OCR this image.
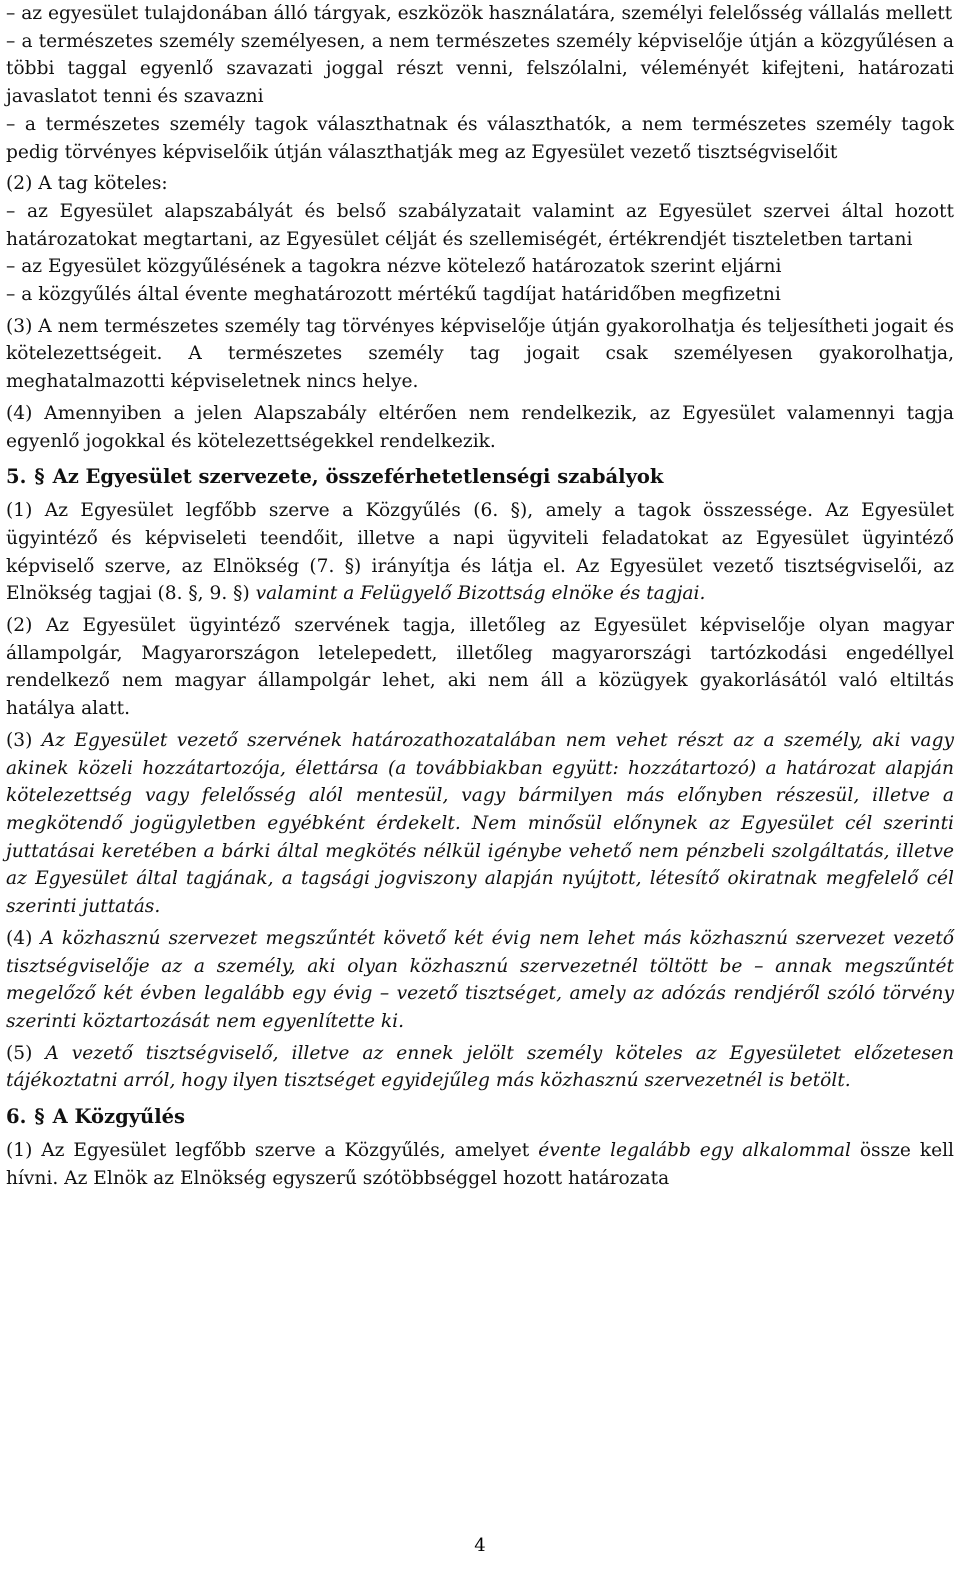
– az egyesület tulajdonában álló tárgyak, eszközök használatára, személyi felelősség vállalás mellett
– a természetes személy személyesen, a nem természetes személy képviselője útján a közgyűlésen a többi taggal egyenlő szavazati joggal részt venni, felszólalni, véleményét kifejteni, határozati javaslatot tenni és szavazni
– a természetes személy tagok választhatnak és választhatók, a nem természetes személy tagok pedig törvényes képviselőik útján választhatják meg az Egyesület vezető tisztségviselőit

(2) A tag köteles:

– az Egyesület alapszabályát és belső szabályzatait valamint az Egyesület szervei által hozott határozatokat megtartani, az Egyesület célját és szellemiségét, értékrendjét tiszteletben tartani
– az Egyesület közgyűlésének a tagokra nézve kötelező határozatok szerint eljárni
– a közgyűlés által évente meghatározott mértékű tagdíjat határidőben megfizetni

(3) A nem természetes személy tag törvényes képviselője útján gyakorolhatja és teljesítheti jogait és kötelezettségeit. A természetes személy tag jogait csak személyesen gyakorolhatja, meghatalmazotti képviseletnek nincs helye.

(4) Amennyiben a jelen Alapszabály eltérően nem rendelkezik, az Egyesület valamennyi tagja egyenlő jogokkal és kötelezettségekkel rendelkezik.

5. § Az Egyesület szervezete, összeférhetetlenségi szabályok

(1) Az Egyesület legfőbb szerve a Közgyűlés (6. §), amely a tagok összessége. Az Egyesület ügyintéző és képviseleti teendőit, illetve a napi ügyviteli feladatokat az Egyesület ügyintéző képviselő szerve, az Elnökség (7. §) irányítja és látja el. Az Egyesület vezető tisztségviselői, az Elnökség tagjai (8. §, 9. §) valamint a Felügyelő Bizottság elnöke és tagjai.

(2) Az Egyesület ügyintéző szervének tagja, illetőleg az Egyesület képviselője olyan magyar állampolgár, Magyarországon letelepedett, illetőleg magyarországi tartózkodási engedéllyel rendelkező nem magyar állampolgár lehet, aki nem áll a közügyek gyakorlásától való eltiltás hatálya alatt.

(3) Az Egyesület vezető szervének határozathozatalában nem vehet részt az a személy, aki vagy akinek közeli hozzátartozója, élettársa (a továbbiakban együtt: hozzátartozó) a határozat alapján kötelezettség vagy felelősség alól mentesül, vagy bármilyen más előnyben részesül, illetve a megkötendő jogügyletben egyébként érdekelt. Nem minősül előnynek az Egyesület cél szerinti juttatásai keretében a bárki által megkötés nélkül igénybe vehető nem pénzbeli szolgáltatás, illetve az Egyesület által tagjának, a tagsági jogviszony alapján nyújtott, létesítő okiratnak megfelelő cél szerinti juttatás.

(4) A közhasznú szervezet megszűntét követő két évig nem lehet más közhasznú szervezet vezető tisztségviselője az a személy, aki olyan közhasznú szervezetnél töltött be – annak megszűntét megelőző két évben legalább egy évig – vezető tisztséget, amely az adózás rendjéről szóló törvény szerinti köztartozását nem egyenlítette ki.

(5) A vezető tisztségviselő, illetve az ennek jelölt személy köteles az Egyesületet előzetesen tájékoztatni arról, hogy ilyen tisztséget egyidejűleg más közhasznú szervezetnél is betölt.

6. § A Közgyűlés

(1) Az Egyesület legfőbb szerve a Közgyűlés, amelyet évente legalább egy alkalommal össze kell hívni. Az Elnök az Elnökség egyszerű szótöbbséggel hozott határozata

4
